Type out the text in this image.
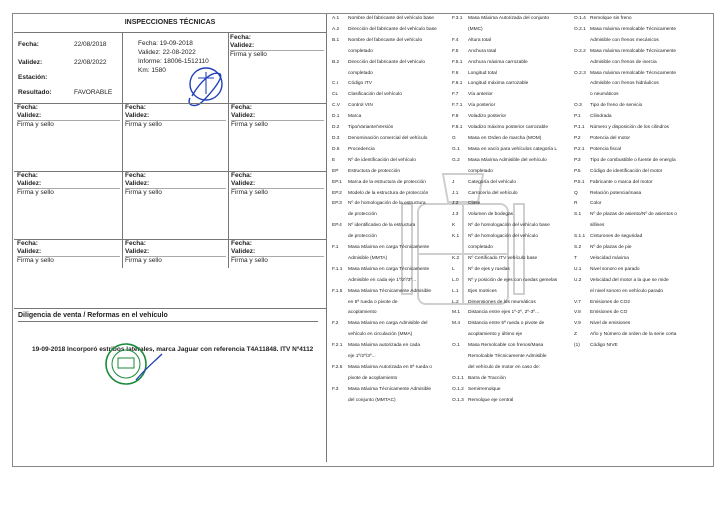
INSPECCIONES TÉCNICAS
Fecha:	22/08/2018
Validez:	22/08/2022
Estación:
Resultado:	FAVORABLE
Fecha: 19-09-2018
Validez: 22-08-2022
Informe: 18006-1512110
Km: 1580
Fecha:
Validez:
Firma y sello
Fecha:
Validez:
Firma y sello
Fecha:
Validez:
Firma y sello
Fecha:
Validez:
Firma y sello
Fecha:
Validez:
Firma y sello
Fecha:
Validez:
Firma y sello
Fecha:
Validez:
Firma y sello
Fecha:
Validez:
Firma y sello
Fecha:
Validez:
Firma y sello
Fecha:
Validez:
Firma y sello
Diligencia de venta / Reformas en el vehículo
19-09-2018 Incorporó estribos laterales, marca Jaguar con referencia T4A11848. ITV Nº4112
A.1	Nombre del fabricante del vehículo base
A.2	Dirección del fabricante del vehículo base
B.1	Nombre del fabricante del vehículo
completado
B.2	Dirección del fabricante del vehículo
completado
C.I	Código ITV
CL	Clasificación del vehículo
C.V	Control VIN
D.1	Marca
D.2	Tipo/Variante/Versión
D.3	Denominación comercial del vehículo
D.6	Procedencia
E	Nº de identificación del vehículo
EP	Estructura de protección
EP.1	Marca de la estructura de protección
EP.2	Modelo de la estructura de protección
EP.3	Nº de homologación de la estructura
de protección
EP.4	Nº identificativo de la estructura
de protección
F.1	Masa Máxima en carga Técnicamente
Admisible (MMTA)
F.1.1	Masa Máxima en carga Técnicamente
Admisible en cada eje 1º/2º/3º...
F.1.5	Masa Máxima Técnicamente Admisible
en 5ª rueda o pivote de
acoplamiento
F.2	Masa Máxima en carga Admisible del
vehículo en circulación (MMA)
F.2.1	Masa Máxima autorizada en cada
eje 1º/2º/3º...
F.2.5	Masa Máxima Autorizada en 5ª rueda o
pivote de acoplamiento
F.3	Masa Máxima Técnicamente Admisible
del conjunto (MMTAC)
F.3.1	Masa Máxima Autorizada del conjunto
(MMC)
F.4	Altura total
F.5	Anchura total
F.5.1	Anchura máxima carrozable
F.6	Longitud total
F.6.1	Longitud máxima carrozable
F.7	Vía anterior
F.7.1	Vía posterior
F.8	Voladizo posterior
F.8.1	Voladizo máximo posterior carrozable
G	Masa en Orden de marcha (MOM)
G.1	Masa en vacío para vehículos categoría L
G.2	Masa Máxima Admisible del vehículo
completado
J	Categoría del vehículo
J.1	Carrocería del vehículo
J.2	Clase
J.3	Volumen de bodegas
K	Nº de homologación del vehículo base
K.1	Nº de homologación del vehículo
completado
K.2	Nº Certificado ITV vehículo base
L	Nº de ejes y ruedas
L.0	Nº y posición de ejes con ruedas gemelas
L.1	Ejes motrices
L.2	Dimensiones de los neumáticos
M.1	Distancia entre ejes 1º-2º, 2º-3º...
M.4	Distancia entre 5ª rueda o pivote de
acoplamiento y último eje
O.1	Masa Remolcable con frenos/Masa
Remolcable Técnicamente Admisible
del vehículo de motor en caso de:
O.1.1 Barra de Tracción
O.1.2 Semirremolque
O.1.3 Remolque eje central
O.1.4 Remolque sin freno
O.2.1 Masa máxima remolcable Técnicamente
Admisible con frenos mecánicos
O.2.2 Masa máxima remolcable Técnicamente
Admisible con frenos de inercia
O.2.3 Masa máxima remolcable Técnicamente
Admisible con frenos hidráulicos
o neumáticos
O.3	Tipo de freno de servicio
P.1	Cilindrada
P.1.1	Número y disposición de los cilindros
P.2	Potencia del motor
P.2.1	Potencia fiscal
P.3	Tipo de combustible o fuente de energía
P.5	Código de identificación del motor
P.5.1	Fabricante o marca del motor
Q	Relación potencia/masa
R	Color
S.1	Nº de plazas de asiento/Nº de asientos o
sillines
S.1.1 Cinturones de seguridad
S.2	Nº de plazas de pie
T	Velocidad máxima
U.1	Nivel sonoro en parado
U.2	Velocidad del motor a la que se mide
el nivel sonoro en vehículo parado
V.7	Emisiones de CO2
V.8	Emisiones de CO
V.9	Nivel de emisiones
Z	Año y Número de orden de la serie corta
(1)	Código NIVE
